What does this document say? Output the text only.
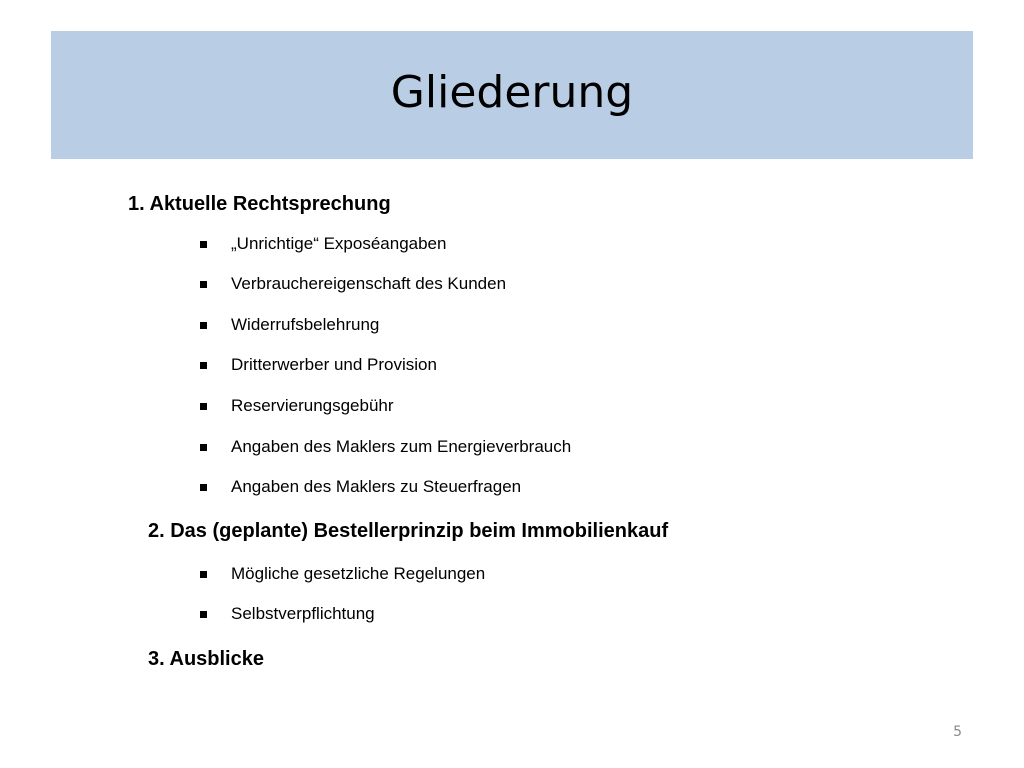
Gliederung
1. Aktuelle Rechtsprechung
„Unrichtige“ Exposéangaben
Verbrauchereigenschaft des Kunden
Widerrufsbelehrung
Dritterwerber und Provision
Reservierungsgebühr
Angaben des Maklers zum Energieverbrauch
Angaben des Maklers zu Steuerfragen
2. Das (geplante) Bestellerprinzip beim Immobilienkauf
Mögliche gesetzliche Regelungen
Selbstverpflichtung
3. Ausblicke
5
